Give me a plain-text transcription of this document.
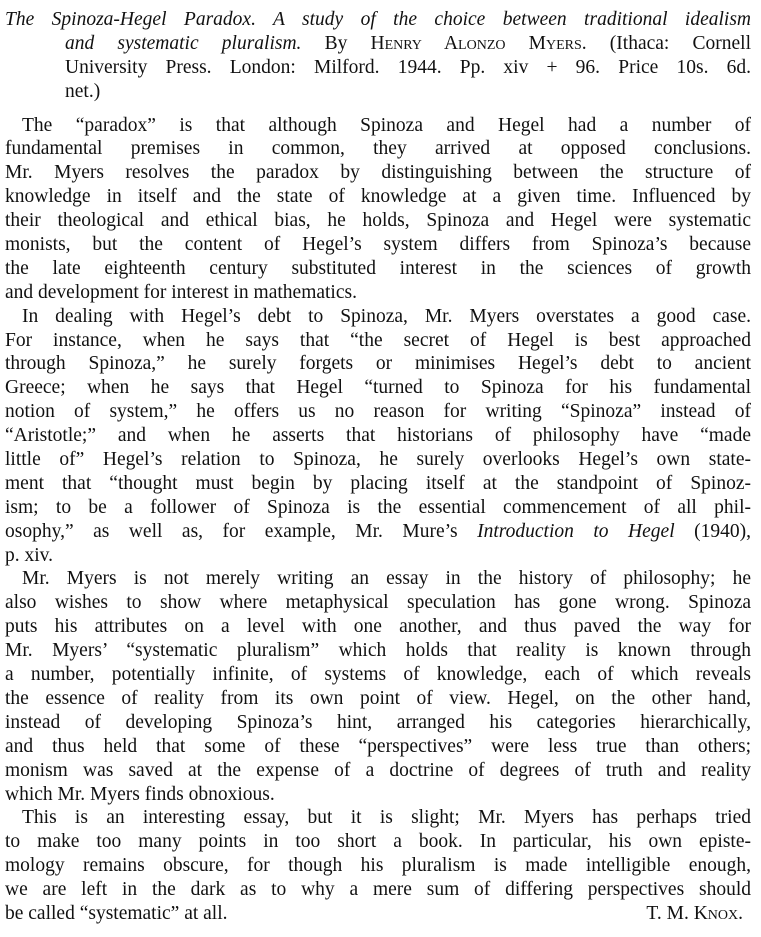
The Spinoza-Hegel Paradox. A study of the choice between traditional idealism
and systematic pluralism. By Henry Alonzo Myers. (Ithaca: Cornell
University Press. London: Milford. 1944. Pp. xiv + 96. Price 10s. 6d.
net.)
The “paradox” is that although Spinoza and Hegel had a number of
fundamental premises in common, they arrived at opposed conclusions.
Mr. Myers resolves the paradox by distinguishing between the structure of
knowledge in itself and the state of knowledge at a given time. Influenced by
their theological and ethical bias, he holds, Spinoza and Hegel were systematic
monists, but the content of Hegel’s system differs from Spinoza’s because
the late eighteenth century substituted interest in the sciences of growth
and development for interest in mathematics.
In dealing with Hegel’s debt to Spinoza, Mr. Myers overstates a good case.
For instance, when he says that “the secret of Hegel is best approached
through Spinoza,” he surely forgets or minimises Hegel’s debt to ancient
Greece; when he says that Hegel “turned to Spinoza for his fundamental
notion of system,” he offers us no reason for writing “Spinoza” instead of
“Aristotle;” and when he asserts that historians of philosophy have “made
little of” Hegel’s relation to Spinoza, he surely overlooks Hegel’s own state-
ment that “thought must begin by placing itself at the standpoint of Spinoz-
ism; to be a follower of Spinoza is the essential commencement of all phil-
osophy,” as well as, for example, Mr. Mure’s Introduction to Hegel (1940),
p. xiv.
Mr. Myers is not merely writing an essay in the history of philosophy; he
also wishes to show where metaphysical speculation has gone wrong. Spinoza
puts his attributes on a level with one another, and thus paved the way for
Mr. Myers’ “systematic pluralism” which holds that reality is known through
a number, potentially infinite, of systems of knowledge, each of which reveals
the essence of reality from its own point of view. Hegel, on the other hand,
instead of developing Spinoza’s hint, arranged his categories hierarchically,
and thus held that some of these “perspectives” were less true than others;
monism was saved at the expense of a doctrine of degrees of truth and reality
which Mr. Myers finds obnoxious.
This is an interesting essay, but it is slight; Mr. Myers has perhaps tried
to make too many points in too short a book. In particular, his own episte-
mology remains obscure, for though his pluralism is made intelligible enough,
we are left in the dark as to why a mere sum of differing perspectives should
be called “systematic” at all.	T. M. Knox.
